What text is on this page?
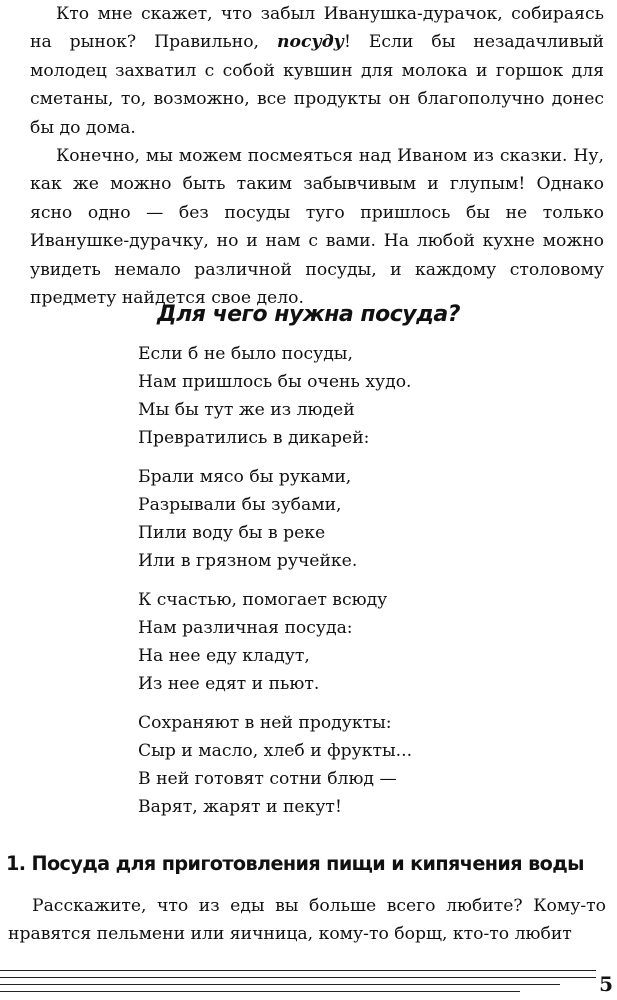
Кто мне скажет, что забыл Иванушка-дурачок, собираясь на рынок? Правильно, посуду! Если бы незадачливый молодец захватил с собой кувшин для молока и горшок для сметаны, то, возможно, все продукты он благополучно донес бы до дома.

Конечно, мы можем посмеяться над Иваном из сказки. Ну, как же можно быть таким забывчивым и глупым! Однако ясно одно — без посуды туго пришлось бы не только Иванушке-дурачку, но и нам с вами. На любой кухне можно увидеть немало различной посуды, и каждому столовому предмету найдется свое дело.

Для чего нужна посуда?
Если б не было посуды,
Нам пришлось бы очень худо.
Мы бы тут же из людей
Превратились в дикарей:
Брали мясо бы руками,
Разрывали бы зубами,
Пили воду бы в реке
Или в грязном ручейке.
К счастью, помогает всюду
Нам различная посуда:
На нее еду кладут,
Из нее едят и пьют.
Сохраняют в ней продукты:
Сыр и масло, хлеб и фрукты...
В ней готовят сотни блюд —
Варят, жарят и пекут!
1. Посуда для приготовления пищи и кипячения воды

Расскажите, что из еды вы больше всего любите? Кому-то нравятся пельмени или яичница, кому-то борщ, кто-то любит

5
